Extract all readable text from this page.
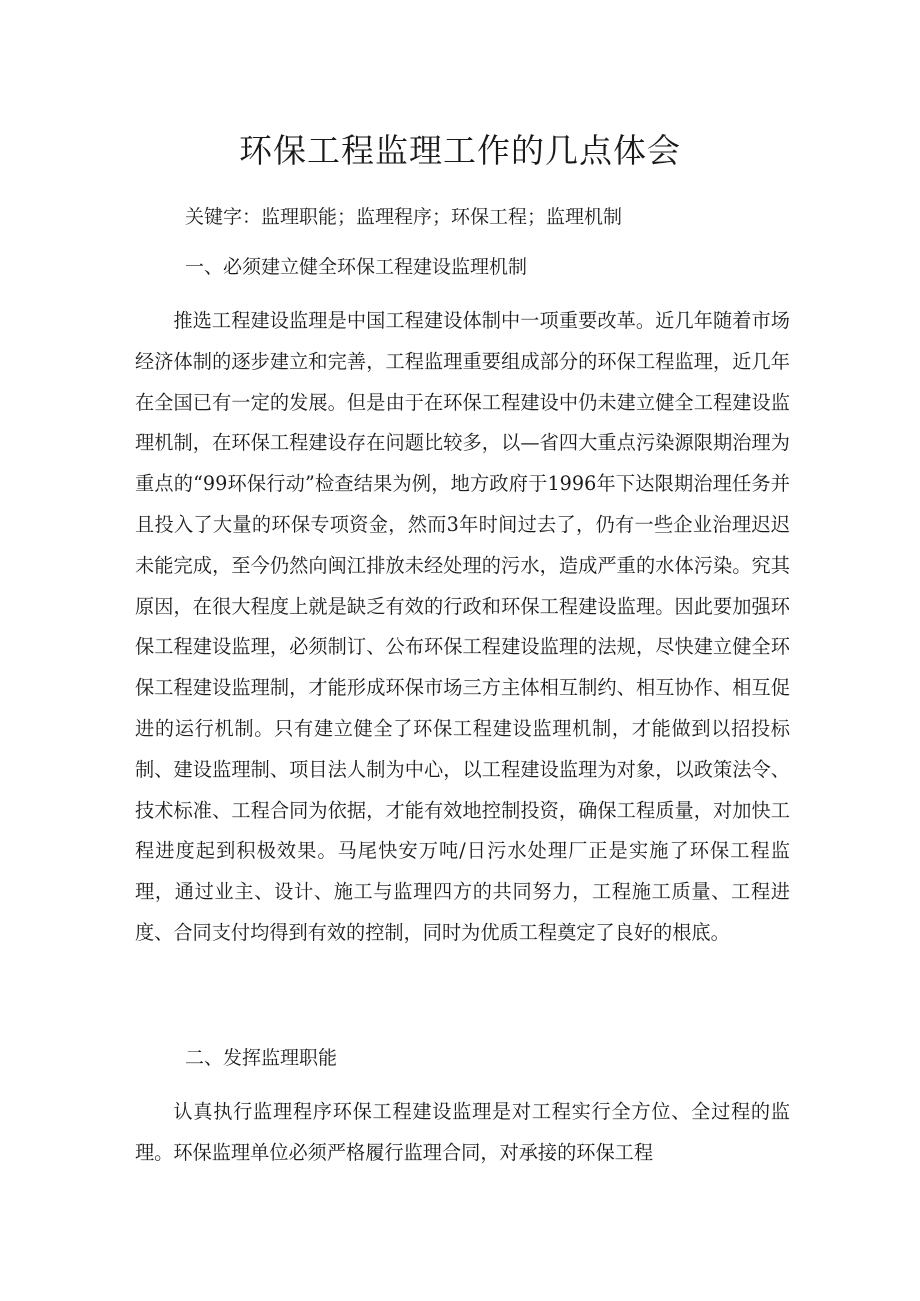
环保工程监理工作的几点体会
关键字：监理职能；监理程序；环保工程；监理机制
一、必须建立健全环保工程建设监理机制

推选工程建设监理是中国工程建设体制中一项重要改革。近几年随着市场经济体制的逐步建立和完善，工程监理重要组成部分的环保工程监理，近几年在全国已有一定的发展。但是由于在环保工程建设中仍未建立健全工程建设监理机制，在环保工程建设存在问题比较多，以—省四大重点污染源限期治理为重点的“99环保行动”检查结果为例，地方政府于1996年下达限期治理任务并且投入了大量的环保专项资金，然而3年时间过去了，仍有一些企业治理迟迟未能完成，至今仍然向闽江排放未经处理的污水，造成严重的水体污染。究其原因，在很大程度上就是缺乏有效的行政和环保工程建设监理。因此要加强环保工程建设监理，必须制订、公布环保工程建设监理的法规，尽快建立健全环保工程建设监理制，才能形成环保市场三方主体相互制约、相互协作、相互促进的运行机制。只有建立健全了环保工程建设监理机制，才能做到以招投标制、建设监理制、项目法人制为中心，以工程建设监理为对象，以政策法令、技术标准、工程合同为依据，才能有效地控制投资，确保工程质量，对加快工程进度起到积极效果。马尾快安万吨/日污水处理厂正是实施了环保工程监理，通过业主、设计、施工与监理四方的共同努力，工程施工质量、工程进度、合同支付均得到有效的控制，同时为优质工程奠定了良好的根底。

二、发挥监理职能

认真执行监理程序环保工程建设监理是对工程实行全方位、全过程的监理。环保监理单位必须严格履行监理合同，对承接的环保工程
